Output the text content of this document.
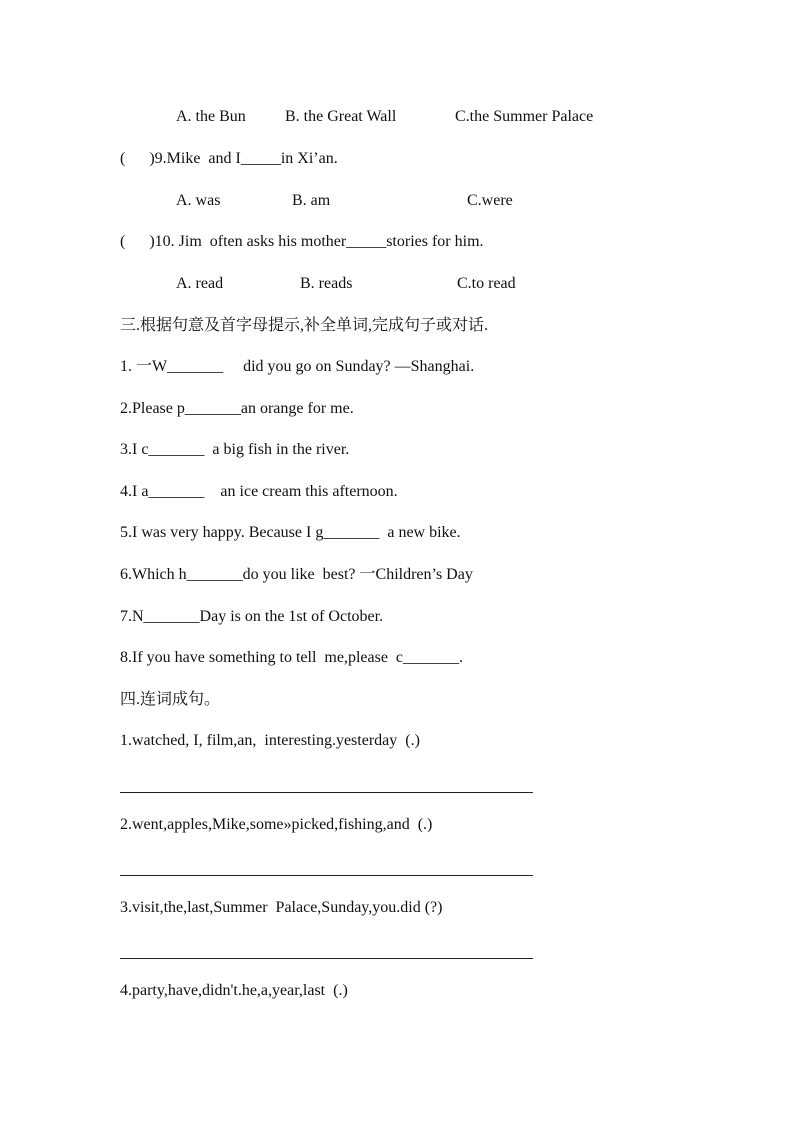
A. the Bun B. the Great Wall	C.the Summer Palace
(      )9.Mike  and I_____in Xi’an.
A. was	B. am	C.were
(      )10. Jim  often asks his mother_____stories for him.
A. read	B. reads	C.to read
三.根据句意及首字母提示,补全单词,完成句子或对话.
1. 一W_______     did you go on Sunday? —Shanghai.
2.Please p_______an orange for me.
3.I c_______  a big fish in the river.
4.I a_______    an ice cream this afternoon.
5.I was very happy. Because I g_______  a new bike.
6.Which h_______do you like  best? 一Children’s Day
7.N_______Day is on the 1st of October.
8.If you have something to tell  me,please  c_______.
四.连词成句。
1.watched, I, film,an,  interesting.yesterday  (.)
2.went,apples,Mike,some»picked,fishing,and  (.)
3.visit,the,last,Summer  Palace,Sunday,you.did (?)
4.party,have,didn't.he,a,year,last  (.)
